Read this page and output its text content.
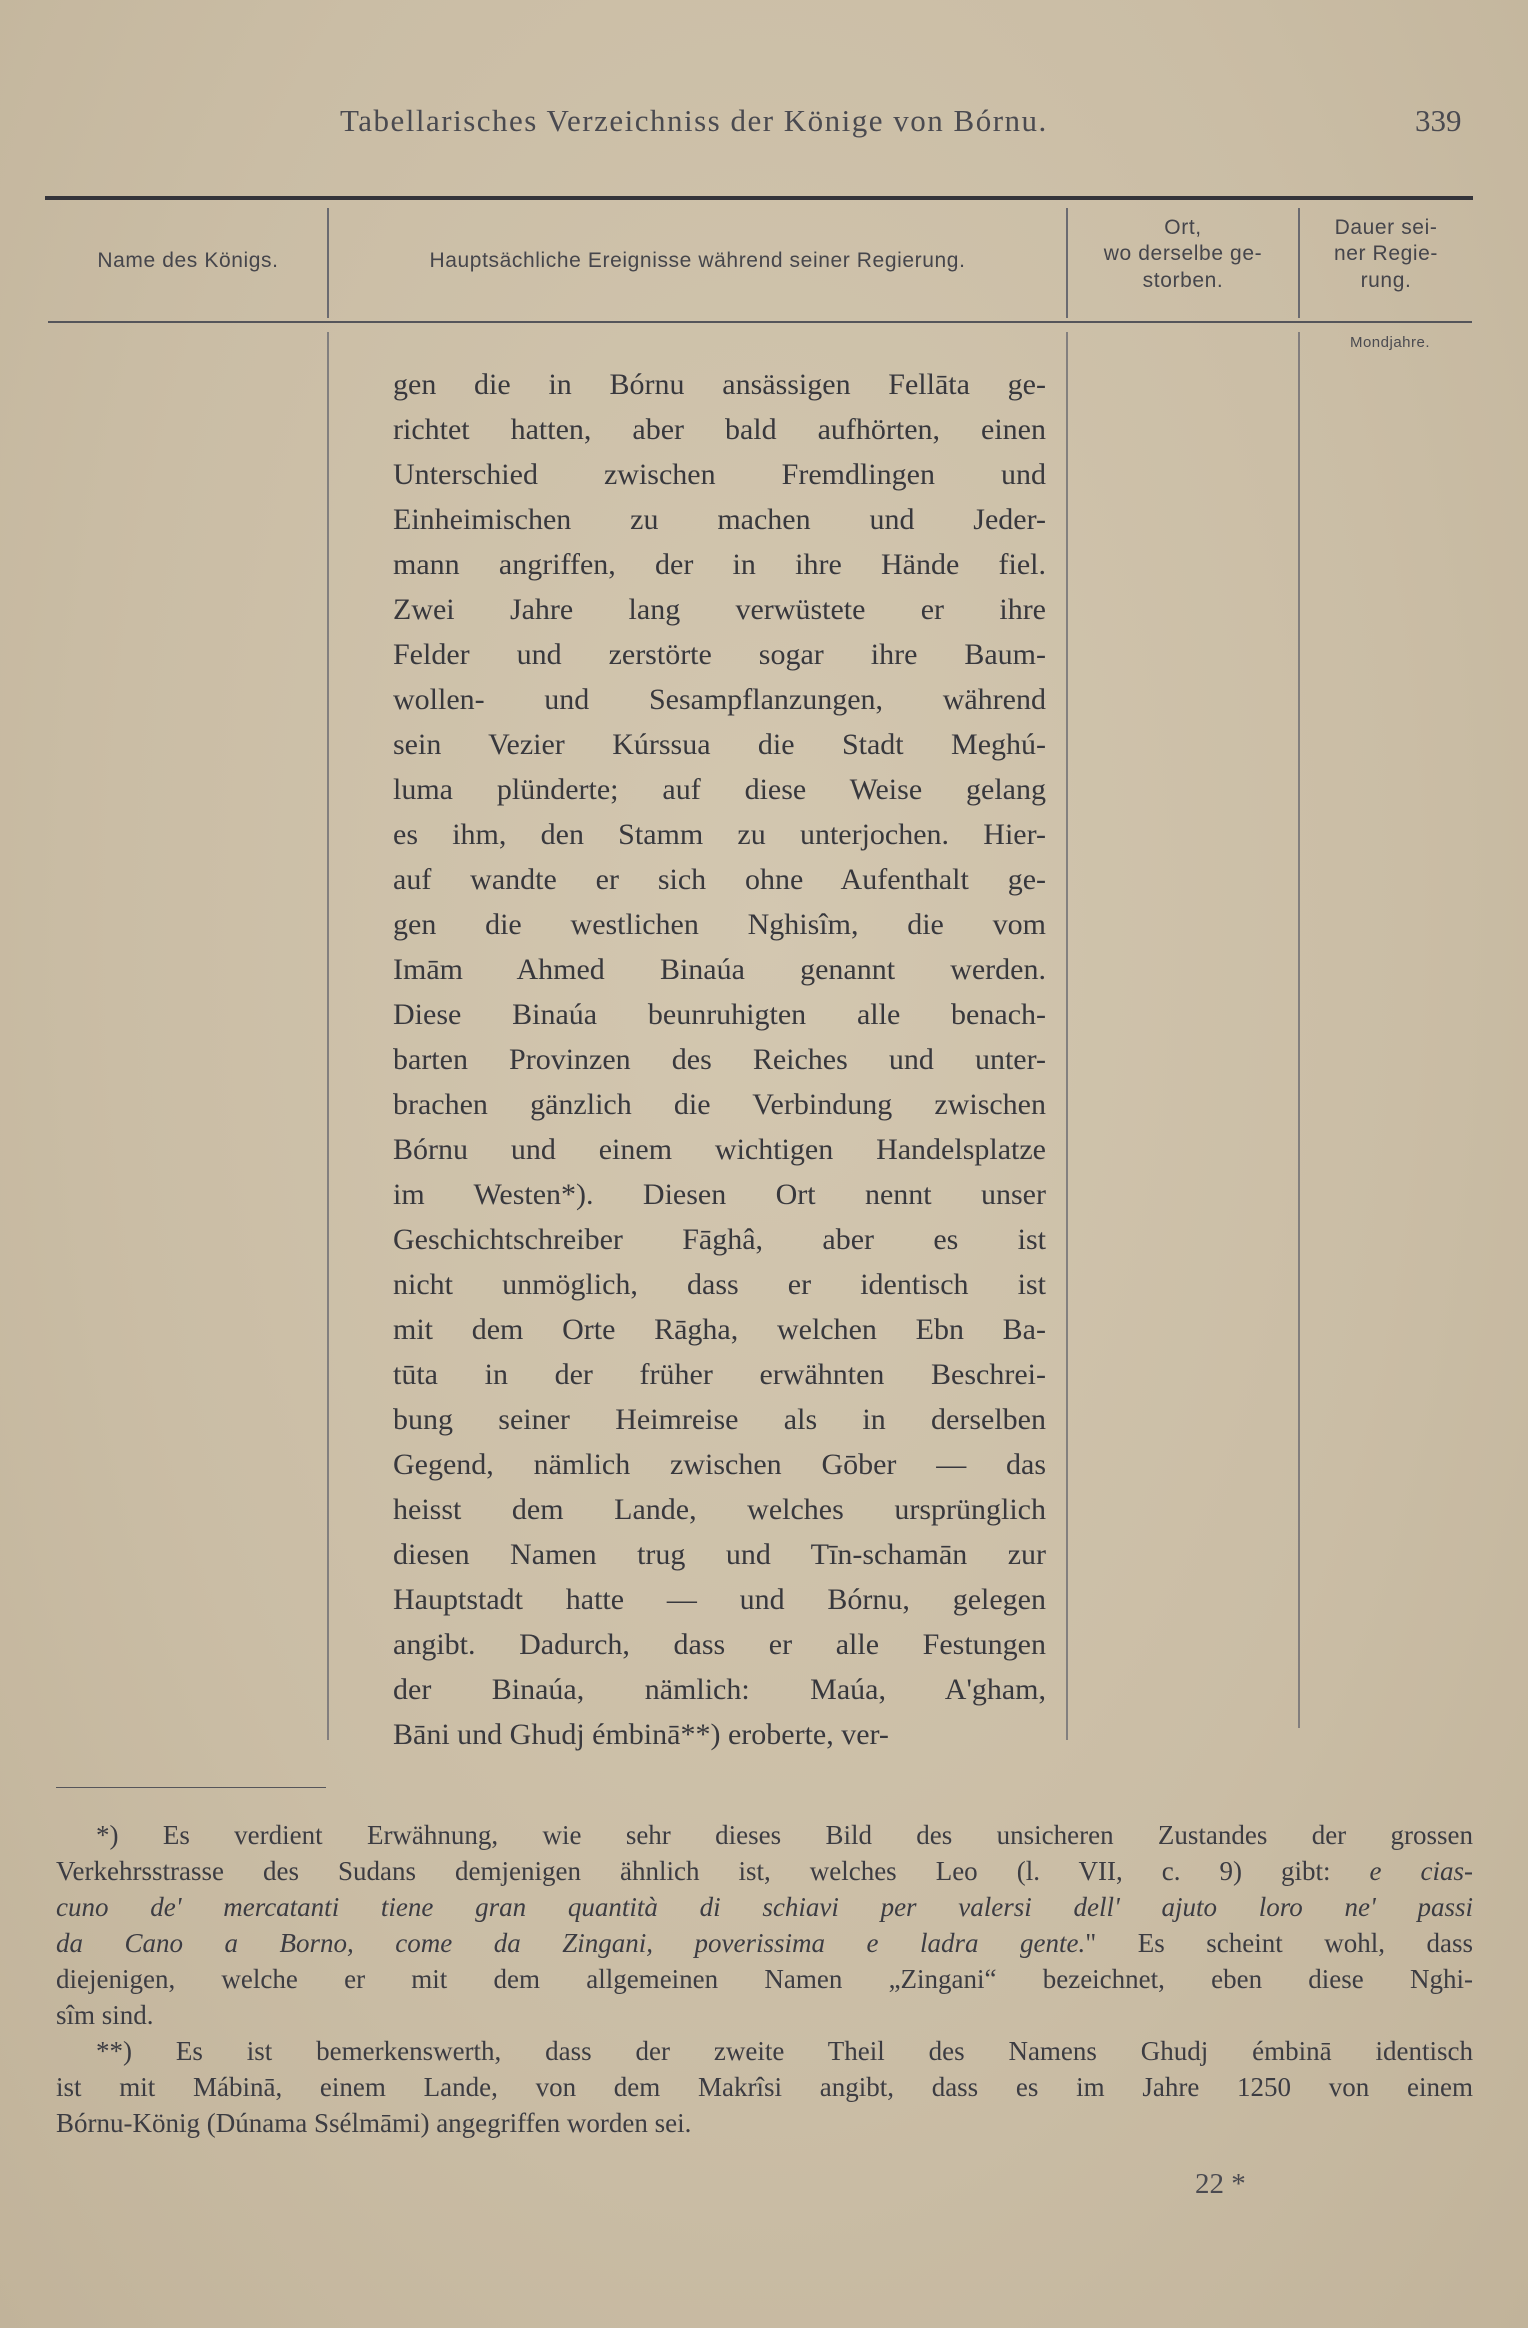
Tabellarisches Verzeichniss der Könige von Bórnu.	339
Name des Königs.	Hauptsächliche Ereignisse während seiner Regierung.
Ort,
wo derselbe ge-
storben.
Dauer sei-
ner Regie-
rung.
Mondjahre.
gen die in Bórnu ansässigen Fellāta ge-
richtet hatten, aber bald aufhörten, einen
Unterschied zwischen Fremdlingen und
Einheimischen zu machen und Jeder-
mann angriffen, der in ihre Hände fiel.
Zwei Jahre lang verwüstete er ihre
Felder und zerstörte sogar ihre Baum-
wollen- und Sesampflanzungen, während
sein Vezier Kúrssua die Stadt Meghú-
luma plünderte; auf diese Weise gelang
es ihm, den Stamm zu unterjochen. Hier-
auf wandte er sich ohne Aufenthalt ge-
gen die westlichen Nghisîm, die vom
Imām Ahmed Binaúa genannt werden.
Diese Binaúa beunruhigten alle benach-
barten Provinzen des Reiches und unter-
brachen gänzlich die Verbindung zwischen
Bórnu und einem wichtigen Handelsplatze
im Westen*). Diesen Ort nennt unser
Geschichtschreiber Fāghâ, aber es ist
nicht unmöglich, dass er identisch ist
mit dem Orte Rāgha, welchen Ebn Ba-
tūta in der früher erwähnten Beschrei-
bung seiner Heimreise als in derselben
Gegend, nämlich zwischen Gōber — das
heisst dem Lande, welches ursprünglich
diesen Namen trug und Tīn-schamān zur
Hauptstadt hatte — und Bórnu, gelegen
angibt. Dadurch, dass er alle Festungen
der Binaúa, nämlich: Maúa, A'gham,
Bāni und Ghudj émbinā**) eroberte, ver-
*) Es verdient Erwähnung, wie sehr dieses Bild des unsicheren Zustandes der grossen
Verkehrsstrasse des Sudans demjenigen ähnlich ist, welches Leo (l. VII, c. 9) gibt: e cias-
cuno de' mercatanti tiene gran quantità di schiavi per valersi dell' ajuto loro ne' passi
da Cano a Borno, come da Zingani, poverissima e ladra gente." Es scheint wohl, dass
diejenigen, welche er mit dem allgemeinen Namen „Zingani“ bezeichnet, eben diese Nghi-
sîm sind.
**) Es ist bemerkenswerth, dass der zweite Theil des Namens Ghudj émbinā identisch
ist mit Mábinā, einem Lande, von dem Makrîsi angibt, dass es im Jahre 1250 von einem
Bórnu-König (Dúnama Ssélmāmi) angegriffen worden sei.
22 *
